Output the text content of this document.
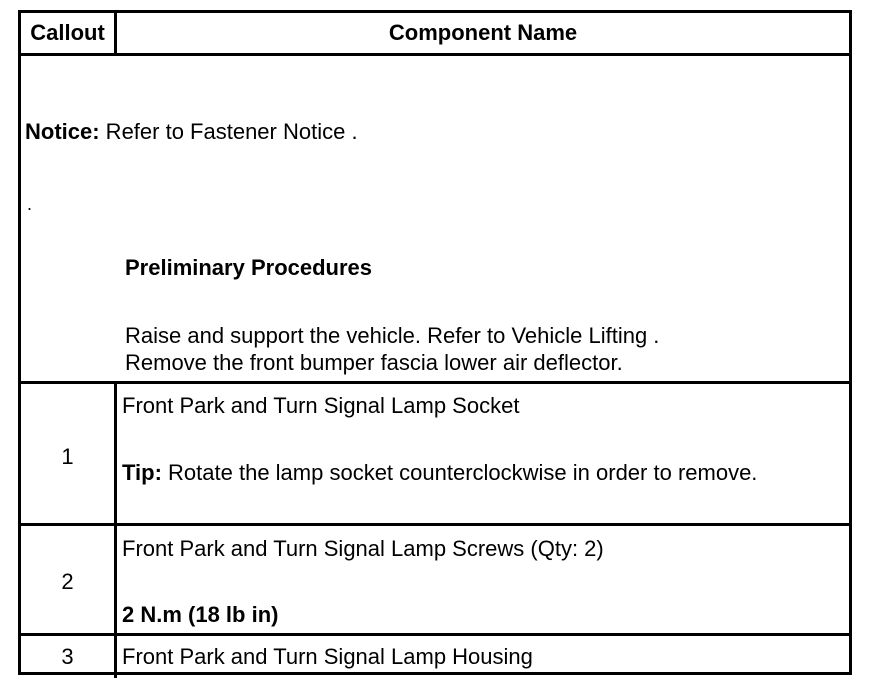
Callout	Component Name
Notice: Refer to Fastener Notice .
.
Preliminary Procedures
Raise and support the vehicle. Refer to Vehicle Lifting .
Remove the front bumper fascia lower air deflector.
1
Front Park and Turn Signal Lamp Socket
Tip: Rotate the lamp socket counterclockwise in order to remove.
2
Front Park and Turn Signal Lamp Screws (Qty: 2)
2 N.m (18 lb in)
3	Front Park and Turn Signal Lamp Housing
